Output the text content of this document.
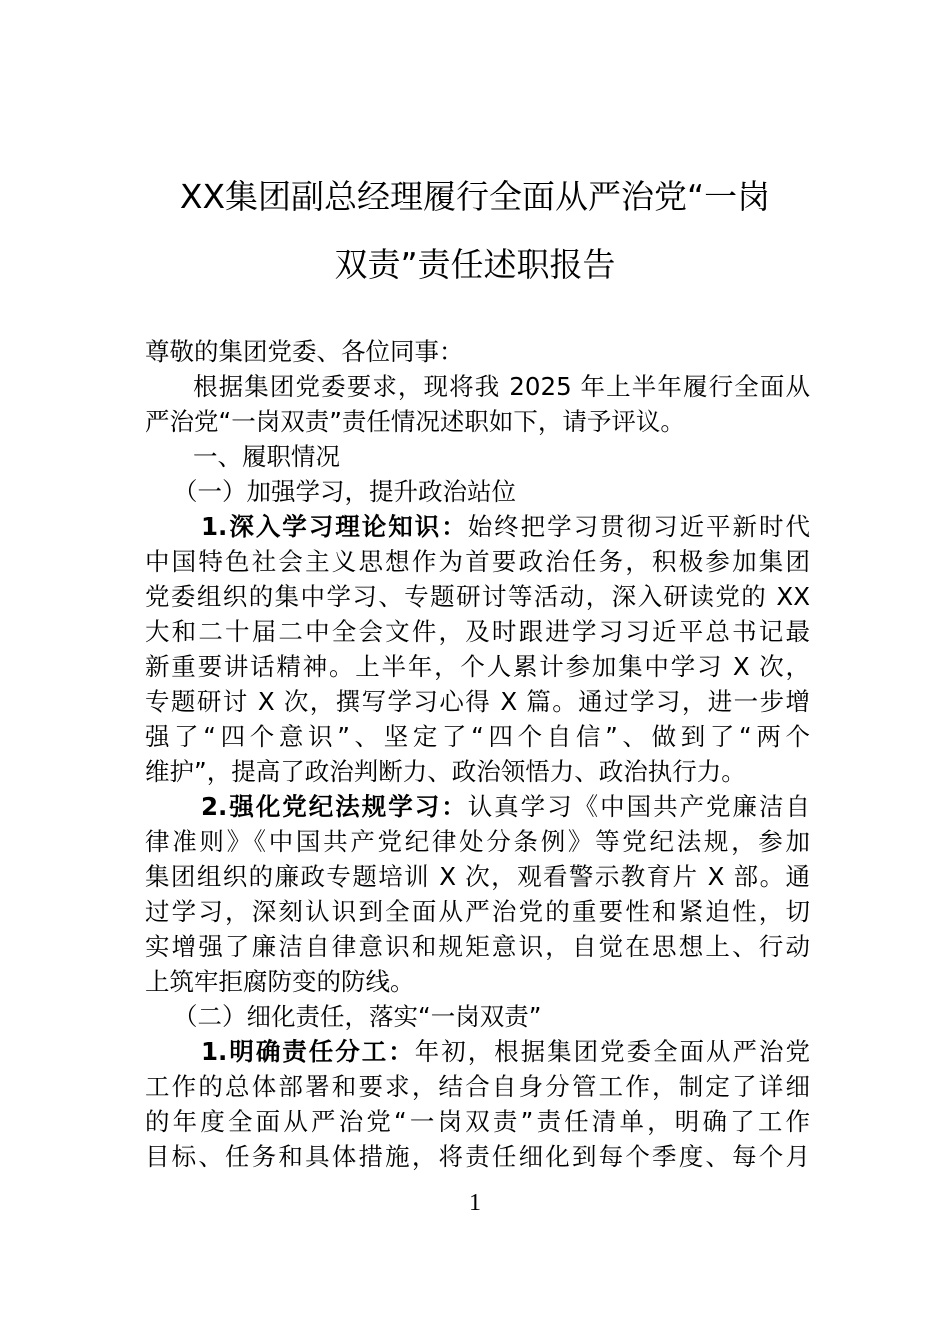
XX集团副总经理履行全面从严治党“一岗
双责”责任述职报告
尊敬的集团党委、各位同事：
根据集团党委要求，现将我 2025 年上半年履行全面从
严治党“一岗双责”责任情况述职如下，请予评议。
一、履职情况
（一）加强学习，提升政治站位
1.深入学习理论知识：始终把学习贯彻习近平新时代
中国特色社会主义思想作为首要政治任务，积极参加集团
党委组织的集中学习、专题研讨等活动，深入研读党的 XX
大和二十届二中全会文件，及时跟进学习习近平总书记最
新重要讲话精神。上半年，个人累计参加集中学习 X 次，
专题研讨 X 次，撰写学习心得 X 篇。通过学习，进一步增
强了“四个意识”、坚定了“四个自信”、做到了“两个
维护”，提高了政治判断力、政治领悟力、政治执行力。
2.强化党纪法规学习：认真学习《中国共产党廉洁自
律准则》《中国共产党纪律处分条例》等党纪法规，参加
集团组织的廉政专题培训 X 次，观看警示教育片 X 部。通
过学习，深刻认识到全面从严治党的重要性和紧迫性，切
实增强了廉洁自律意识和规矩意识，自觉在思想上、行动
上筑牢拒腐防变的防线。
（二）细化责任，落实“一岗双责”
1.明确责任分工：年初，根据集团党委全面从严治党
工作的总体部署和要求，结合自身分管工作，制定了详细
的年度全面从严治党“一岗双责”责任清单，明确了工作
目标、任务和具体措施，将责任细化到每个季度、每个月
1
